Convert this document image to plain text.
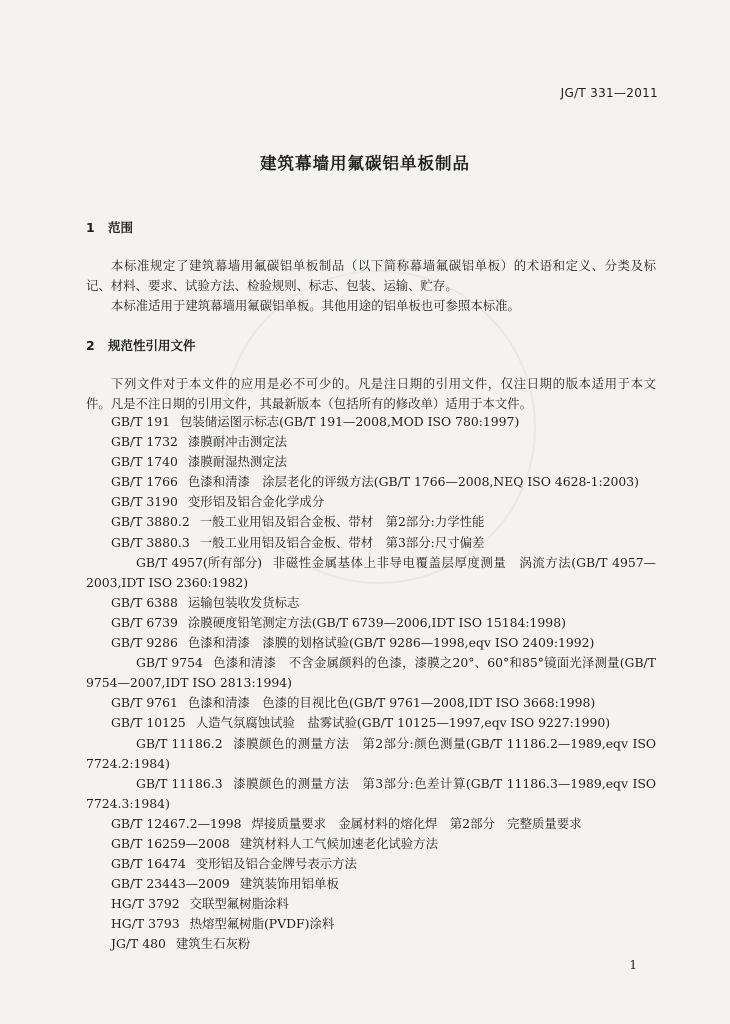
JG/T 331—2011
建筑幕墙用氟碳铝单板制品
1 范围

本标准规定了建筑幕墙用氟碳铝单板制品（以下简称幕墙氟碳铝单板）的术语和定义、分类及标记、材料、要求、试验方法、检验规则、标志、包装、运输、贮存。

本标准适用于建筑幕墙用氟碳铝单板。其他用途的铝单板也可参照本标准。

2 规范性引用文件

下列文件对于本文件的应用是必不可少的。凡是注日期的引用文件，仅注日期的版本适用于本文件。凡是不注日期的引用文件，其最新版本（包括所有的修改单）适用于本文件。

GB/T 191 包装储运图示标志(GB/T 191—2008,MOD ISO 780:1997)
GB/T 1732 漆膜耐冲击测定法
GB/T 1740 漆膜耐湿热测定法
GB/T 1766 色漆和清漆　涂层老化的评级方法(GB/T 1766—2008,NEQ ISO 4628-1:2003)
GB/T 3190 变形铝及铝合金化学成分
GB/T 3880.2 一般工业用铝及铝合金板、带材　第2部分:力学性能
GB/T 3880.3 一般工业用铝及铝合金板、带材　第3部分:尺寸偏差
GB/T 4957(所有部分) 非磁性金属基体上非导电覆盖层厚度测量　涡流方法(GB/T 4957—2003,IDT ISO 2360:1982)
GB/T 6388 运输包装收发货标志
GB/T 6739 涂膜硬度铅笔测定方法(GB/T 6739—2006,IDT ISO 15184:1998)
GB/T 9286 色漆和清漆　漆膜的划格试验(GB/T 9286—1998,eqv ISO 2409:1992)
GB/T 9754 色漆和清漆　不含金属颜料的色漆，漆膜之20°、60°和85°镜面光泽测量(GB/T 9754—2007,IDT ISO 2813:1994)
GB/T 9761 色漆和清漆　色漆的目视比色(GB/T 9761—2008,IDT ISO 3668:1998)
GB/T 10125 人造气氛腐蚀试验　盐雾试验(GB/T 10125—1997,eqv ISO 9227:1990)
GB/T 11186.2 漆膜颜色的测量方法　第2部分:颜色测量(GB/T 11186.2—1989,eqv ISO 7724.2:1984)
GB/T 11186.3 漆膜颜色的测量方法　第3部分:色差计算(GB/T 11186.3—1989,eqv ISO 7724.3:1984)
GB/T 12467.2—1998 焊接质量要求　金属材料的熔化焊　第2部分　完整质量要求
GB/T 16259—2008 建筑材料人工气候加速老化试验方法
GB/T 16474 变形铝及铝合金牌号表示方法
GB/T 23443—2009 建筑装饰用铝单板
HG/T 3792 交联型氟树脂涂料
HG/T 3793 热熔型氟树脂(PVDF)涂料
JG/T 480 建筑生石灰粉
1
